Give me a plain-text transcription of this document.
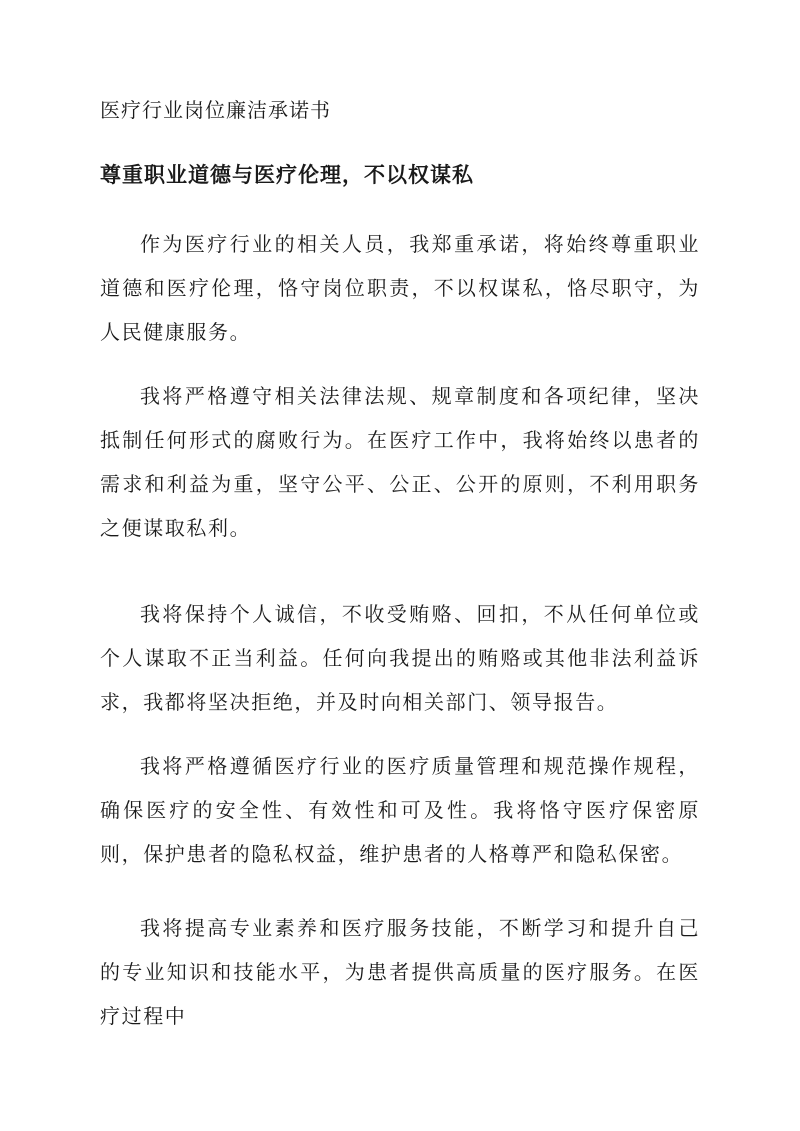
医疗行业岗位廉洁承诺书
尊重职业道德与医疗伦理，不以权谋私

作为医疗行业的相关人员，我郑重承诺，将始终尊重职业道德和医疗伦理，恪守岗位职责，不以权谋私，恪尽职守，为人民健康服务。

我将严格遵守相关法律法规、规章制度和各项纪律，坚决抵制任何形式的腐败行为。在医疗工作中，我将始终以患者的需求和利益为重，坚守公平、公正、公开的原则，不利用职务之便谋取私利。

我将保持个人诚信，不收受贿赂、回扣，不从任何单位或个人谋取不正当利益。任何向我提出的贿赂或其他非法利益诉求，我都将坚决拒绝，并及时向相关部门、领导报告。

我将严格遵循医疗行业的医疗质量管理和规范操作规程，确保医疗的安全性、有效性和可及性。我将恪守医疗保密原则，保护患者的隐私权益，维护患者的人格尊严和隐私保密。

我将提高专业素养和医疗服务技能，不断学习和提升自己的专业知识和技能水平，为患者提供高质量的医疗服务。在医疗过程中
